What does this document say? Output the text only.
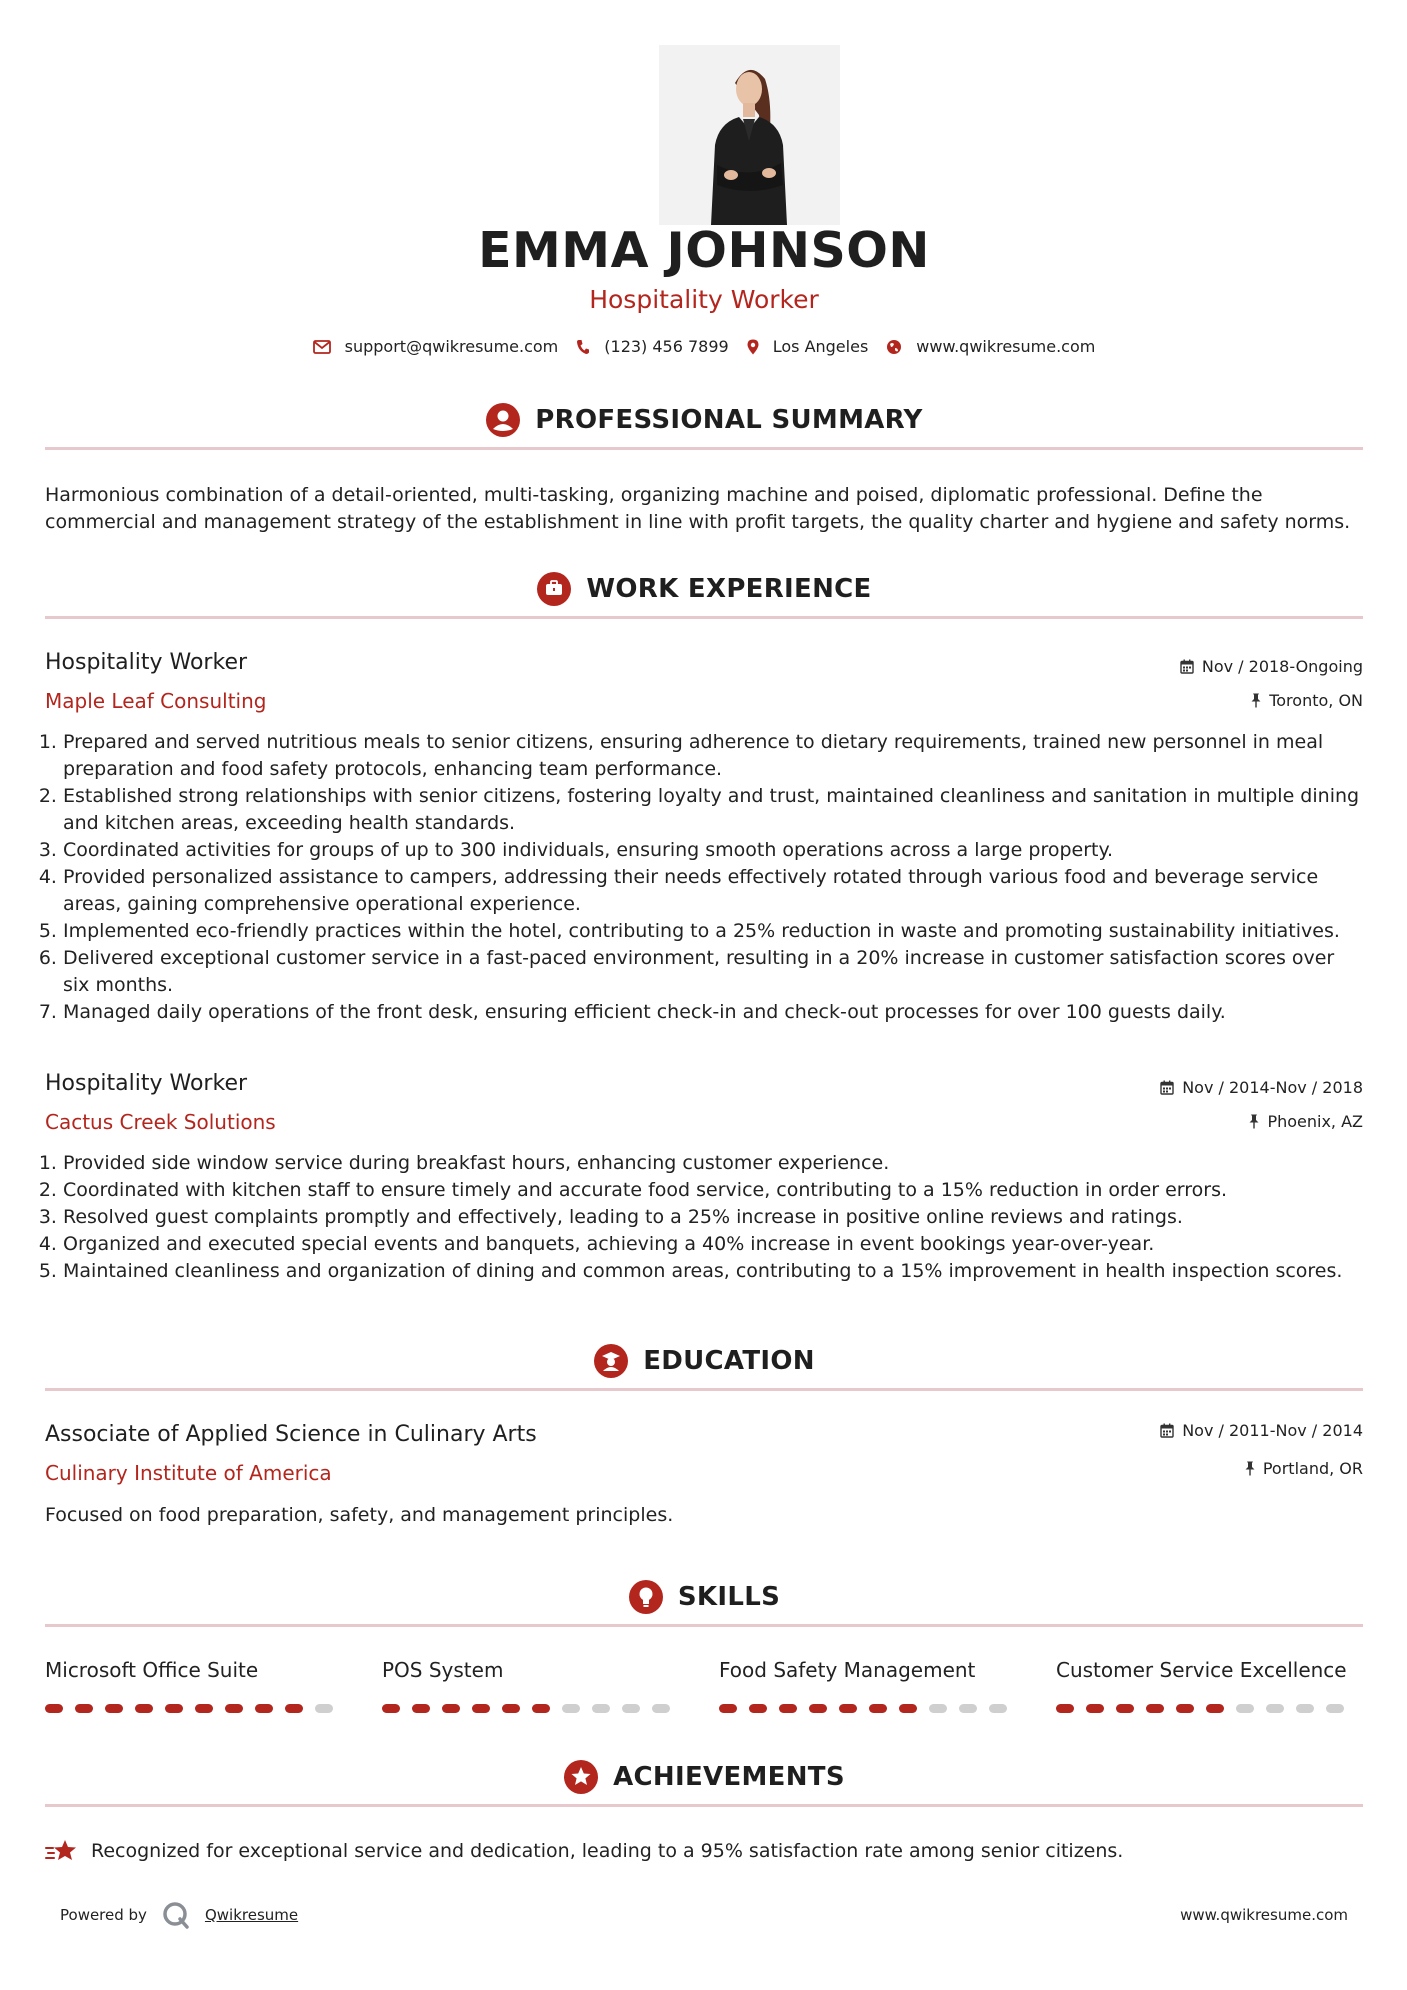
EMMA JOHNSON
Hospitality Worker
support@qwikresume.com	(123) 456 7899	Los Angeles	www.qwikresume.com
PROFESSIONAL SUMMARY

Harmonious combination of a detail-oriented, multi-tasking, organizing machine and poised, diplomatic professional. Define the commercial and management strategy of the establishment in line with profit targets, the quality charter and hygiene and safety norms.

WORK EXPERIENCE
Hospitality Worker	Nov / 2018-Ongoing
Maple Leaf Consulting	Toronto, ON
1. Prepared and served nutritious meals to senior citizens, ensuring adherence to dietary requirements, trained new personnel in meal preparation and food safety protocols, enhancing team performance.
2. Established strong relationships with senior citizens, fostering loyalty and trust, maintained cleanliness and sanitation in multiple dining and kitchen areas, exceeding health standards.
3. Coordinated activities for groups of up to 300 individuals, ensuring smooth operations across a large property.
4. Provided personalized assistance to campers, addressing their needs effectively rotated through various food and beverage service areas, gaining comprehensive operational experience.
5. Implemented eco-friendly practices within the hotel, contributing to a 25% reduction in waste and promoting sustainability initiatives.
6. Delivered exceptional customer service in a fast-paced environment, resulting in a 20% increase in customer satisfaction scores over six months.
7. Managed daily operations of the front desk, ensuring efficient check-in and check-out processes for over 100 guests daily.
Hospitality Worker	Nov / 2014-Nov / 2018
Cactus Creek Solutions	Phoenix, AZ
1. Provided side window service during breakfast hours, enhancing customer experience.
2. Coordinated with kitchen staff to ensure timely and accurate food service, contributing to a 15% reduction in order errors.
3. Resolved guest complaints promptly and effectively, leading to a 25% increase in positive online reviews and ratings.
4. Organized and executed special events and banquets, achieving a 40% increase in event bookings year-over-year.
5. Maintained cleanliness and organization of dining and common areas, contributing to a 15% improvement in health inspection scores.
EDUCATION
Associate of Applied Science in Culinary Arts	Nov / 2011-Nov / 2014
Culinary Institute of America	Portland, OR

Focused on food preparation, safety, and management principles.

SKILLS
Microsoft Office Suite	POS System	Food Safety Management	Customer Service Excellence
ACHIEVEMENTS
Recognized for exceptional service and dedication, leading to a 95% satisfaction rate among senior citizens.
Powered by	Qwikresume	www.qwikresume.com
